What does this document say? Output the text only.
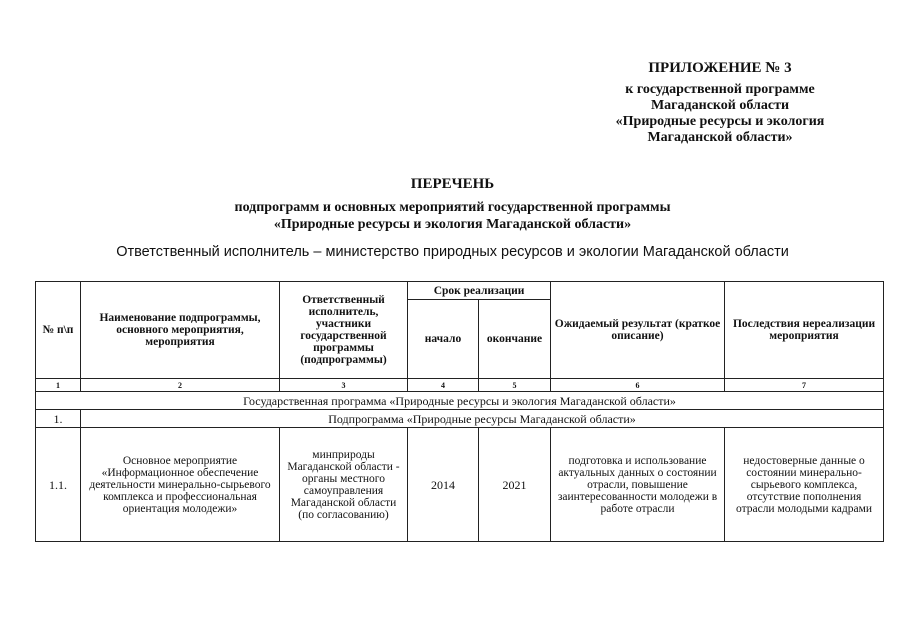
ПРИЛОЖЕНИЕ № 3
к государственной программе
Магаданской области
«Природные ресурсы и экология
Магаданской области»
ПЕРЕЧЕНЬ
подпрограмм и основных мероприятий государственной программы
«Природные ресурсы и экология Магаданской области»
Ответственный исполнитель – министерство природных ресурсов и экологии Магаданской области
№ п\п	Наименование подпрограммы, основного мероприятия, мероприятия	Ответственный исполнитель, участники государственной программы (подпрограммы)	Срок реализации		Ожидаемый результат (краткое описание)	Последствия нереализации мероприятия
			начало	окончание		
1	2	3	4	5	6	7
Государственная программа «Природные ресурсы и экология Магаданской области»						
1.	Подпрограмма «Природные ресурсы Магаданской области»					
1.1.	Основное мероприятие «Информационное обеспечение деятельности минерально-сырьевого комплекса и профессиональная ориентация молодежи»	минприроды Магаданской области - органы местного самоуправления Магаданской области (по согласованию)	2014	2021	подготовка и использование актуальных данных о состоянии отрасли, повышение заинтересованности молодежи в работе отрасли	недостоверные данные о состоянии минерально-сырьевого комплекса, отсутствие пополнения отрасли молодыми кадрами
